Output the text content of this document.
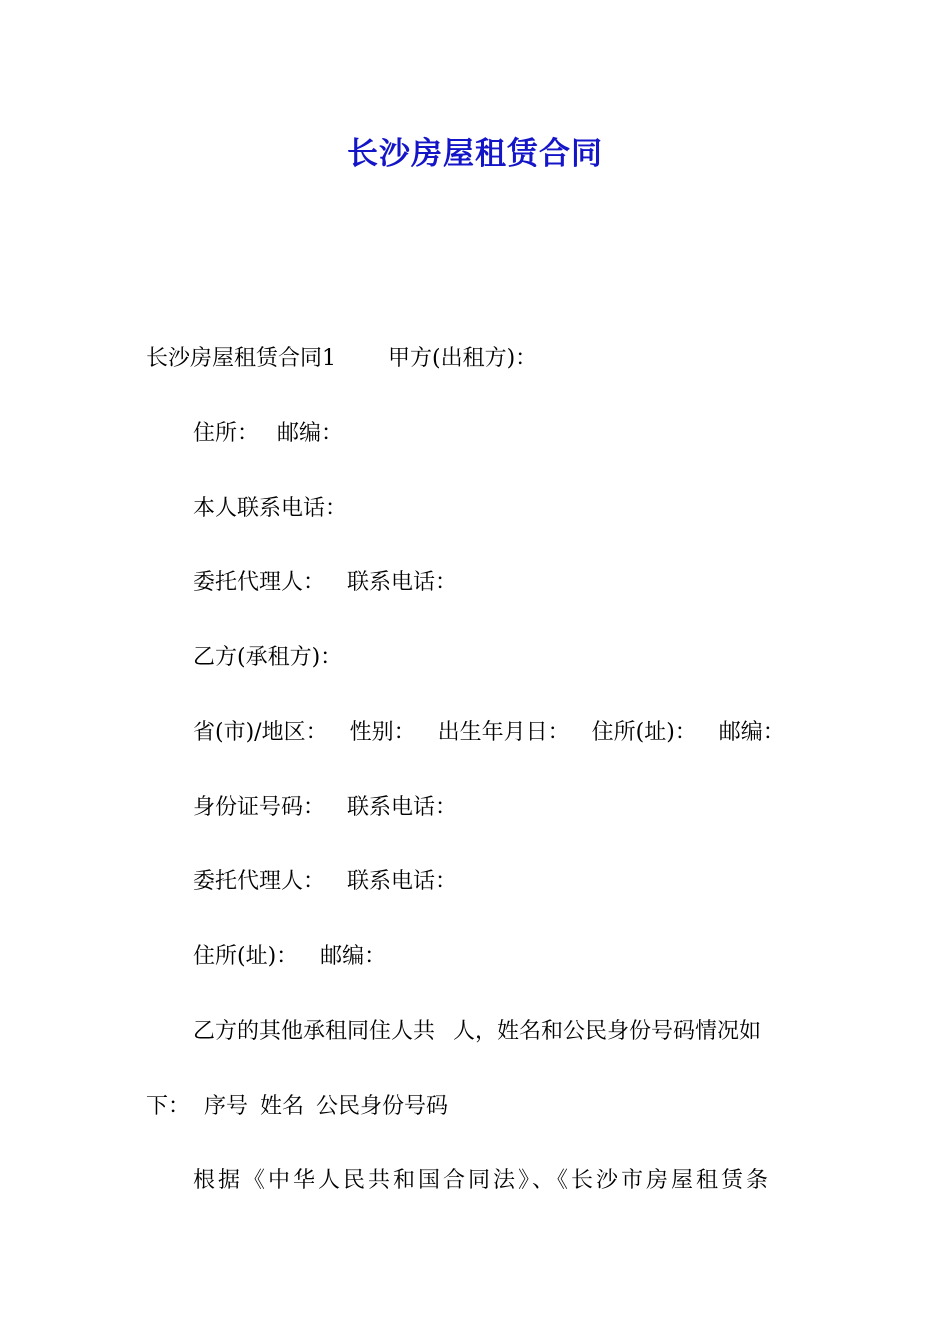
长沙房屋租赁合同
长沙房屋租赁合同1 甲方(出租方)：
住所： 邮编：
本人联系电话：
委托代理人： 联系电话：
乙方(承租方)：
省(市)/地区： 性别： 出生年月日： 住所(址)： 邮编：
身份证号码： 联系电话：
委托代理人： 联系电话：
住所(址)： 邮编：
乙方的其他承租同住人共 人，姓名和公民身份号码情况如
下： 序号 姓名 公民身份号码
根据《中华人民共和国合同法》、《长沙市房屋租赁条
